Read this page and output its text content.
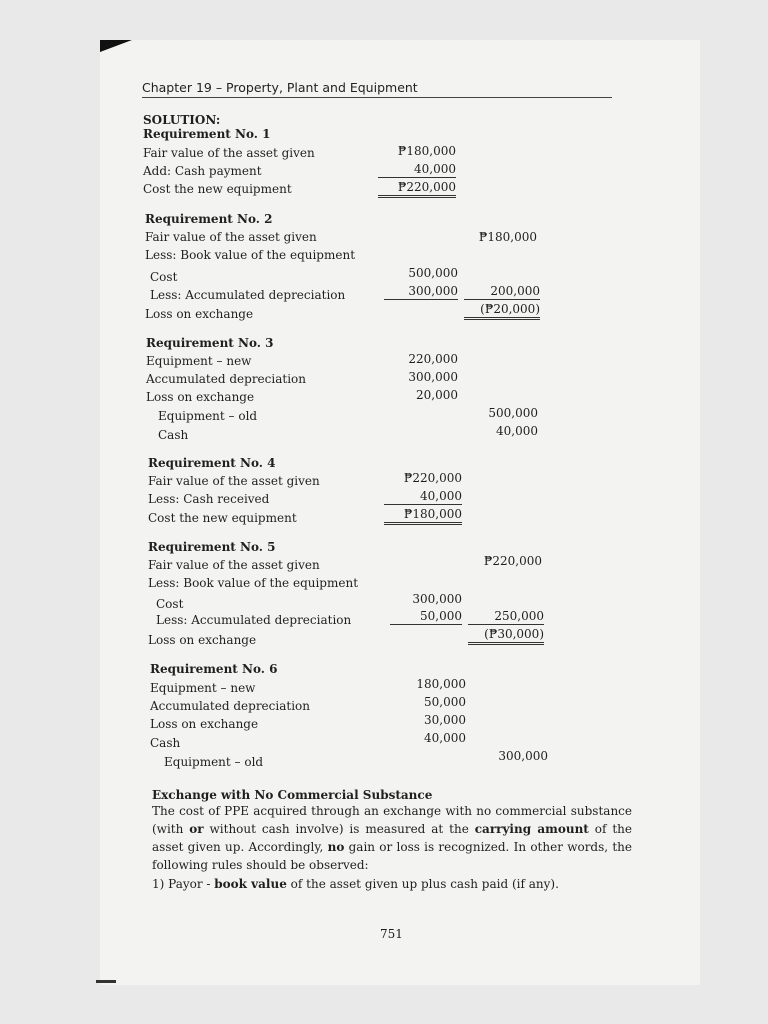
Chapter 19 – Property, Plant and Equipment
SOLUTION:
Requirement No. 1
Fair value of the asset given
Add: Cash payment
Cost the new equipment
₱180,000
40,000
₱220,000
Requirement No. 2
Fair value of the asset given
Less: Book value of the equipment
Cost
Less: Accumulated depreciation
Loss on exchange
₱180,000
500,000
300,000	200,000
(₱20,000)
Requirement No. 3
Equipment – new
Accumulated depreciation
Loss on exchange
Equipment – old
Cash
220,000
300,000
20,000
500,000
40,000
Requirement No. 4
Fair value of the asset given
Less: Cash received
Cost the new equipment
₱220,000
40,000
₱180,000
Requirement No. 5
Fair value of the asset given
Less: Book value of the equipment
Cost
Less: Accumulated depreciation
Loss on exchange
₱220,000
300,000
50,000	250,000
(₱30,000)
Requirement No. 6
Equipment – new
Accumulated depreciation
Loss on exchange
Cash
Equipment – old
180,000
50,000
30,000
40,000
300,000
Exchange with No Commercial Substance
The cost of PPE acquired through an exchange with no commercial substance (with or without cash involve) is measured at the carrying amount of the asset given up. Accordingly, no gain or loss is recognized. In other words, the following rules should be observed:
1) Payor - book value of the asset given up plus cash paid (if any).
751
